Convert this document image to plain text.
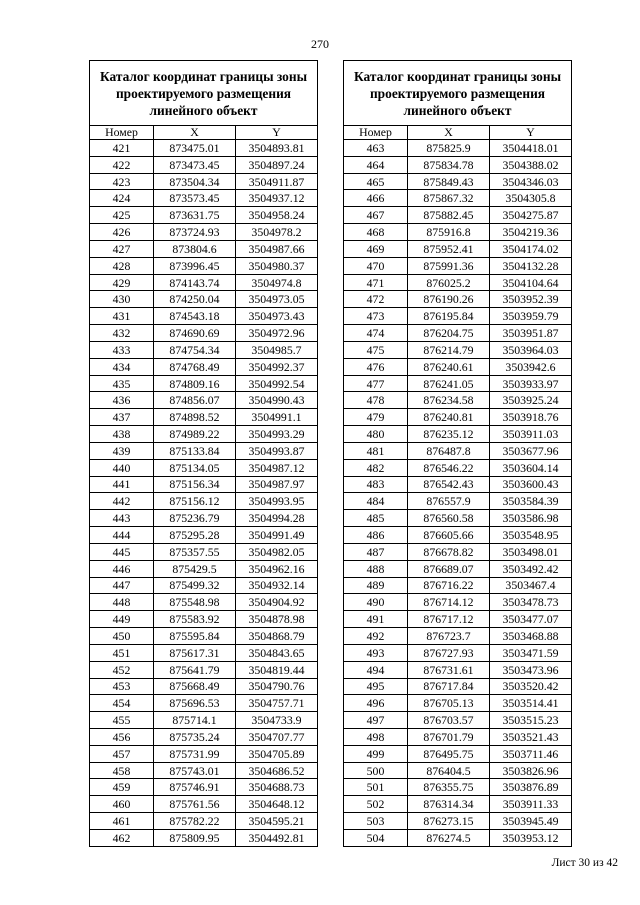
270
Каталог координат границы зоны проектируемого размещения линейного объект		
Номер	X	Y
421	873475.01	3504893.81
422	873473.45	3504897.24
423	873504.34	3504911.87
424	873573.45	3504937.12
425	873631.75	3504958.24
426	873724.93	3504978.2
427	873804.6	3504987.66
428	873996.45	3504980.37
429	874143.74	3504974.8
430	874250.04	3504973.05
431	874543.18	3504973.43
432	874690.69	3504972.96
433	874754.34	3504985.7
434	874768.49	3504992.37
435	874809.16	3504992.54
436	874856.07	3504990.43
437	874898.52	3504991.1
438	874989.22	3504993.29
439	875133.84	3504993.87
440	875134.05	3504987.12
441	875156.34	3504987.97
442	875156.12	3504993.95
443	875236.79	3504994.28
444	875295.28	3504991.49
445	875357.55	3504982.05
446	875429.5	3504962.16
447	875499.32	3504932.14
448	875548.98	3504904.92
449	875583.92	3504878.98
450	875595.84	3504868.79
451	875617.31	3504843.65
452	875641.79	3504819.44
453	875668.49	3504790.76
454	875696.53	3504757.71
455	875714.1	3504733.9
456	875735.24	3504707.77
457	875731.99	3504705.89
458	875743.01	3504686.52
459	875746.91	3504688.73
460	875761.56	3504648.12
461	875782.22	3504595.21
462	875809.95	3504492.81
Каталог координат границы зоны проектируемого размещения линейного объект		
Номер	X	Y
463	875825.9	3504418.01
464	875834.78	3504388.02
465	875849.43	3504346.03
466	875867.32	3504305.8
467	875882.45	3504275.87
468	875916.8	3504219.36
469	875952.41	3504174.02
470	875991.36	3504132.28
471	876025.2	3504104.64
472	876190.26	3503952.39
473	876195.84	3503959.79
474	876204.75	3503951.87
475	876214.79	3503964.03
476	876240.61	3503942.6
477	876241.05	3503933.97
478	876234.58	3503925.24
479	876240.81	3503918.76
480	876235.12	3503911.03
481	876487.8	3503677.96
482	876546.22	3503604.14
483	876542.43	3503600.43
484	876557.9	3503584.39
485	876560.58	3503586.98
486	876605.66	3503548.95
487	876678.82	3503498.01
488	876689.07	3503492.42
489	876716.22	3503467.4
490	876714.12	3503478.73
491	876717.12	3503477.07
492	876723.7	3503468.88
493	876727.93	3503471.59
494	876731.61	3503473.96
495	876717.84	3503520.42
496	876705.13	3503514.41
497	876703.57	3503515.23
498	876701.79	3503521.43
499	876495.75	3503711.46
500	876404.5	3503826.96
501	876355.75	3503876.89
502	876314.34	3503911.33
503	876273.15	3503945.49
504	876274.5	3503953.12
Лист 30 из 42
